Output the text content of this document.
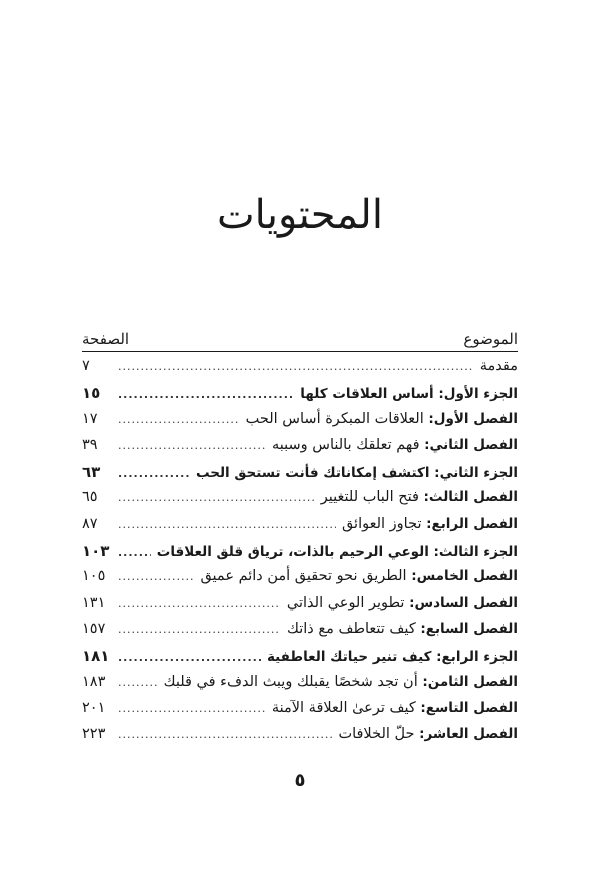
المحتويات
الموضوع
الصفحة
مقدمة
.....
٧
الجزء الأول: أساس العلاقات كلها
.....
١٥
الفصل الأول: العلاقات المبكرة أساس الحب
.....
١٧
الفصل الثاني: فهم تعلقك بالناس وسببه
.....
٣٩
الجزء الثاني: اكتشف إمكاناتك فأنت تستحق الحب
.....
٦٣
الفصل الثالث: فتح الباب للتغيير
.....
٦٥
الفصل الرابع: تجاوز العوائق
.....
٨٧
الجزء الثالث: الوعي الرحيم بالذات، ترياق قلق العلاقات
.....
١٠٣
الفصل الخامس: الطريق نحو تحقيق أمن دائم عميق
.....
١٠٥
الفصل السادس: تطوير الوعي الذاتي
.....
١٣١
الفصل السابع: كيف تتعاطف مع ذاتك
.....
١٥٧
الجزء الرابع: كيف تنير حياتك العاطفية
.....
١٨١
الفصل الثامن: أن تجد شخصًا يقبلك ويبث الدفء في قلبك
.....
١٨٣
الفصل التاسع: كيف ترعىٰ العلاقة الآمنة
.....
٢٠١
الفصل العاشر: حلّ الخلافات
.....
٢٢٣
٥
